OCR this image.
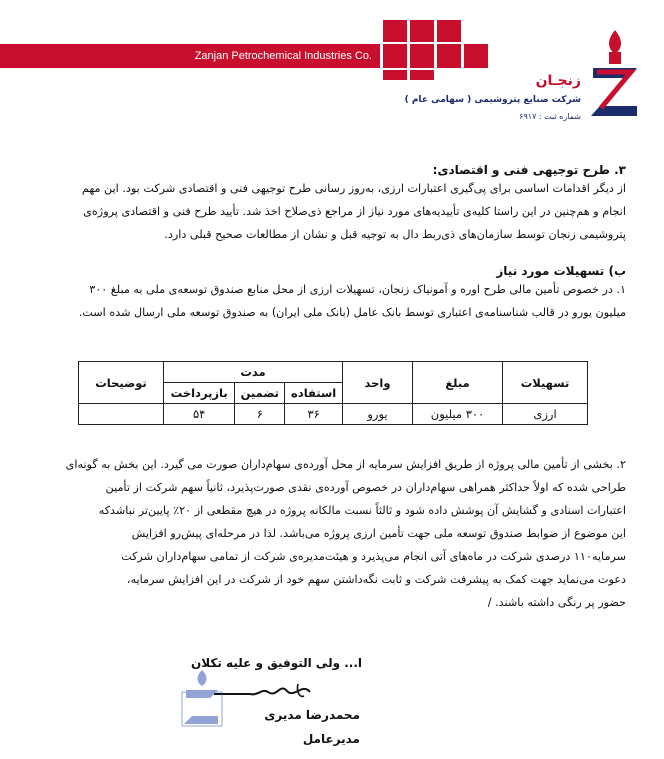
Zanjan Petrochemical Industries Co.
زنجـان
شرکت صنایع پتروشیمی ( سهامی عام )
شماره ثبت : ۶۹۱۷
۳. طرح توجیهی فنی و اقتصادی:
از دیگر اقدامات اساسی برای پی‌گیری اعتبارات ارزی، به‌روز رسانی طرح توجیهی فنی و اقتصادی شرکت بود. این مهم
انجام و هم‌چنین در این راستا کلیه‌ی تأییدیه‌های مورد نیاز از مراجع ذی‌صلاح اخذ شد. تأیید طرح فنی و اقتصادی پروژه‌ی
پتروشیمی زنجان توسط سازمان‌های ذی‌ربط دال به توجیه قبل و نشان از مطالعات صحیح قبلی دارد.
ب) تسهیلات مورد نیاز
۱. در خصوص تأمین مالی طرح اوره و آمونیاک زنجان، تسهیلات ارزی از محل منابع صندوق توسعه‌ی ملی به مبلغ ۳۰۰
میلیون یورو در قالب شناسنامه‌ی اعتباری توسط بانک عامل (بانک ملی ایران) به صندوق توسعه ملی ارسال شده است.
تسهیلات	مبلغ	واحد	مدت			توضیحات
			استفاده	تضمین	بازپرداخت	
ارزی	۳۰۰ میلیون	یورو	۳۶	۶	۵۴	
۲. بخشی از تأمین مالی پروژه از طریق افزایش سرمایه از محل آورده‌ی سهام‌داران صورت می گیرد. این بخش به گونه‌ای
طراحی شده که اولاً حداکثر همراهی سهام‌داران در خصوص آورده‌ی نقدی صورت‌پذیرد، ثانیاً سهم شرکت از تأمین
اعتبارات اسنادی و گشایش آن پوشش داده شود و ثالثاً نسبت مالکانه پروژه در هیچ مقطعی از ۲۰٪ پایین‌تر نباشد‌که
این موضوع از ضوابط صندوق توسعه ملی جهت تأمین ارزی پروژه می‌باشد. لذا در مرحله‌ای پیش‌رو افزایش
سرمایه۱۱۰ درصدی شرکت در ماه‌های آتی انجام می‌پذیرد و هیئت‌مدیره‌ی شرکت از تمامی سهام‌داران شرکت
دعوت می‌نماید جهت کمک به پیشرفت شرکت و ثابت نگه‌داشتن سهم خود از شرکت در این افزایش سرمایه،
حضور پر رنگی داشته باشند. /
ا... ولی التوفیق و علیه تکلان
محمدرضا مدیری
مدیرعامل
